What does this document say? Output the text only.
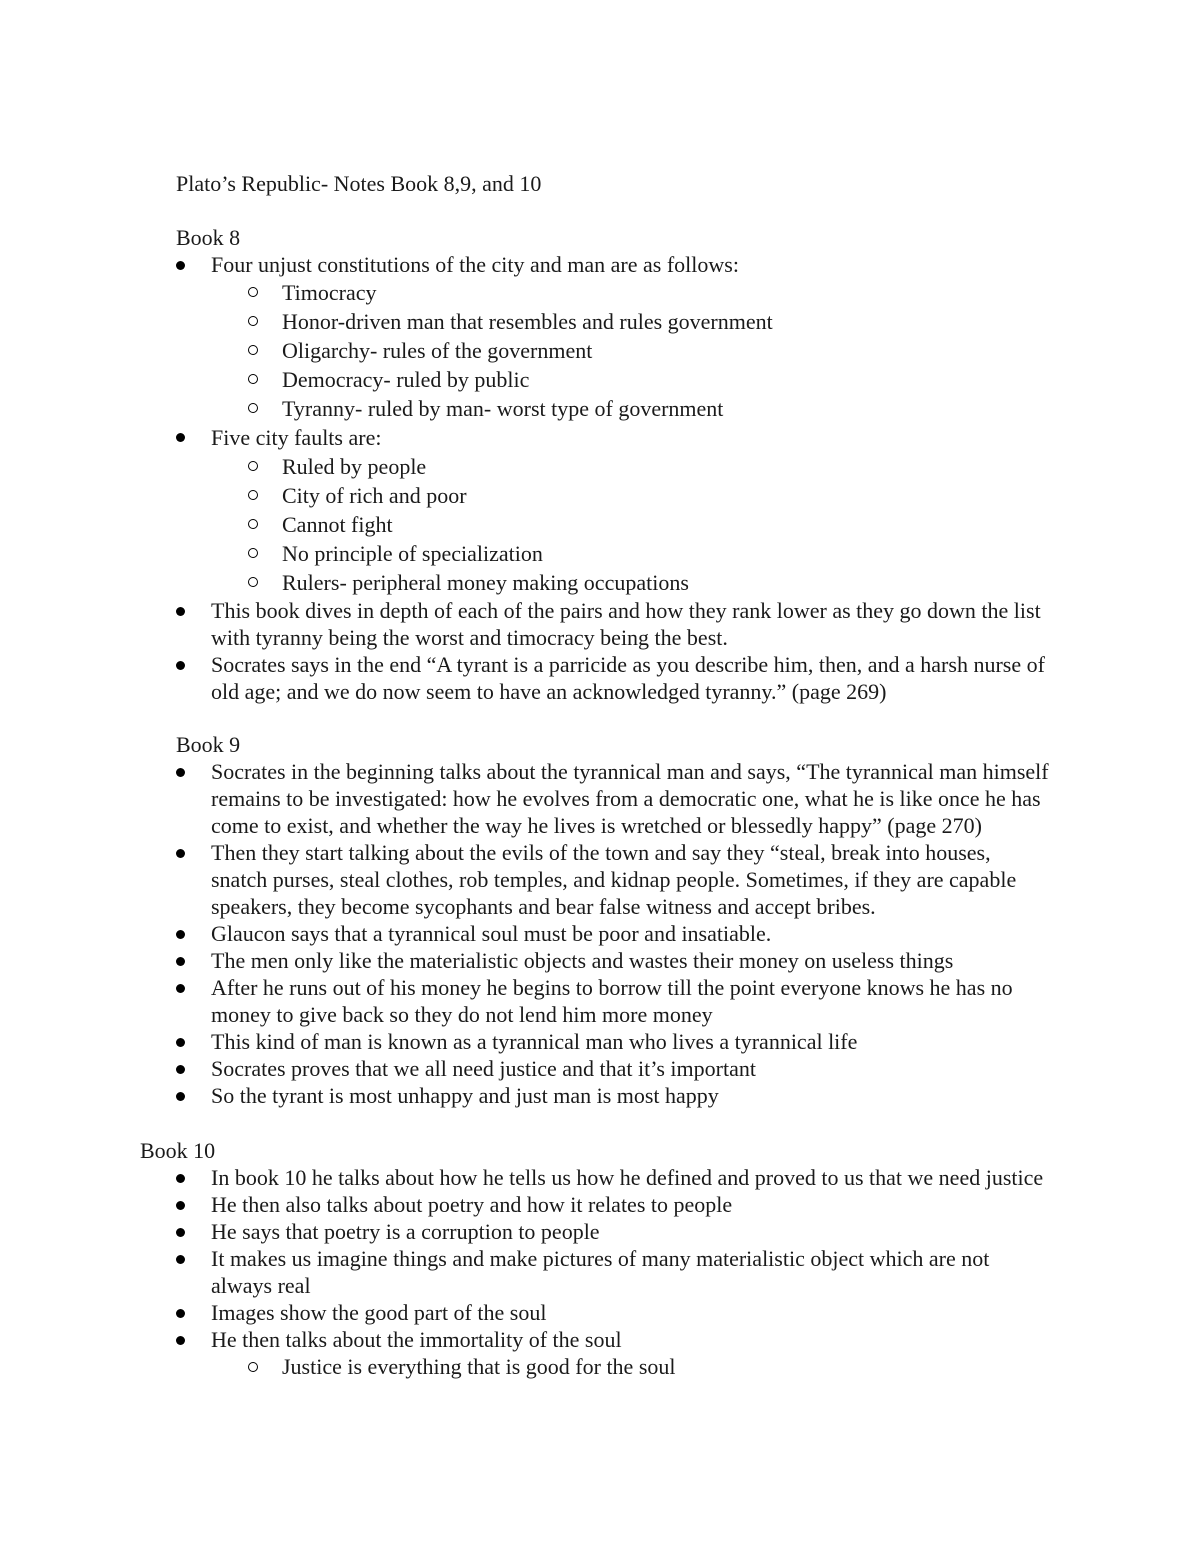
Plato’s Republic- Notes Book 8,9, and 10
Book 8
Four unjust constitutions of the city and man are as follows:
Timocracy
Honor-driven man that resembles and rules government
Oligarchy- rules of the government
Democracy- ruled by public
Tyranny- ruled by man- worst type of government
Five city faults are:
Ruled by people
City of rich and poor
Cannot fight
No principle of specialization
Rulers- peripheral money making occupations
This book dives in depth of each of the pairs and how they rank lower as they go down the list with tyranny being the worst and timocracy being the best.
Socrates says in the end “A tyrant is a parricide as you describe him, then, and a harsh nurse of old age; and we do now seem to have an acknowledged tyranny.” (page 269)
Book 9
Socrates in the beginning talks about the tyrannical man and says, “The tyrannical man himself remains to be investigated: how he evolves from a democratic one, what he is like once he has come to exist, and whether the way he lives is wretched or blessedly happy” (page 270)
Then they start talking about the evils of the town and say they “steal, break into houses, snatch purses, steal clothes, rob temples, and kidnap people. Sometimes, if they are capable speakers, they become sycophants and bear false witness and accept bribes.
Glaucon says that a tyrannical soul must be poor and insatiable.
The men only like the materialistic objects and wastes their money on useless things
After he runs out of his money he begins to borrow till the point everyone knows he has no money to give back so they do not lend him more money
This kind of man is known as a tyrannical man who lives a tyrannical life
Socrates proves that we all need justice and that it’s important
So the tyrant is most unhappy and just man is most happy
Book 10
In book 10 he talks about how he tells us how he defined and proved to us that we need justice
He then also talks about poetry and how it relates to people
He says that poetry is a corruption to people
It makes us imagine things and make pictures of many materialistic object which are not always real
Images show the good part of the soul
He then talks about the immortality of the soul
Justice is everything that is good for the soul
